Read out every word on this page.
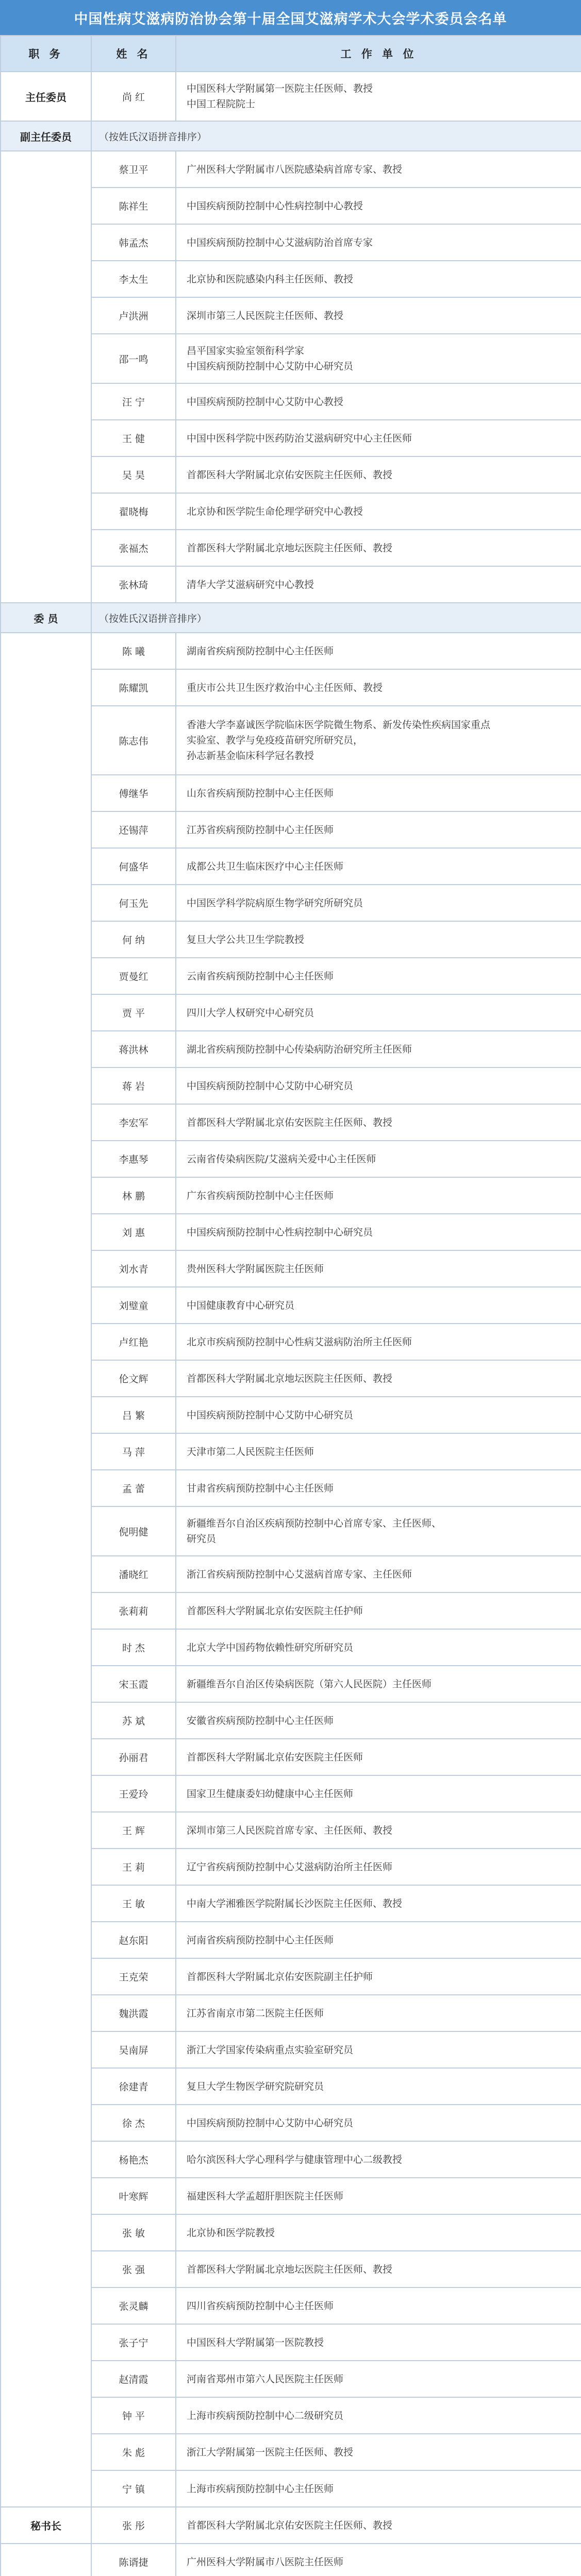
中国性病艾滋病防治协会第十届全国艾滋病学术大会学术委员会名单
职 务	姓 名	工 作 单 位
主任委员	尚 红	中国医科大学附属第一医院主任医师、教授
中国工程院院士

副主任委员	（按姓氏汉语拼音排序）	
	蔡卫平	广州医科大学附属市八医院感染病首席专家、教授

	陈祥生	中国疾病预防控制中心性病控制中心教授

	韩孟杰	中国疾病预防控制中心艾滋病防治首席专家

	李太生	北京协和医院感染内科主任医师、教授

	卢洪洲	深圳市第三人民医院主任医师、教授

	邵一鸣	昌平国家实验室领衔科学家
中国疾病预防控制中心艾防中心研究员

	汪 宁	中国疾病预防控制中心艾防中心教授

	王 健	中国中医科学院中医药防治艾滋病研究中心主任医师

	吴 昊	首都医科大学附属北京佑安医院主任医师、教授

	翟晓梅	北京协和医学院生命伦理学研究中心教授

	张福杰	首都医科大学附属北京地坛医院主任医师、教授

	张林琦	清华大学艾滋病研究中心教授

委 员	（按姓氏汉语拼音排序）	
	陈 曦	湖南省疾病预防控制中心主任医师

	陈耀凯	重庆市公共卫生医疗救治中心主任医师、教授

	陈志伟	香港大学李嘉诚医学院临床医学院微生物系、新发传染性疾病国家重点
实验室、教学与免疫疫苗研究所研究员，
孙志新基金临床科学冠名教授

	傅继华	山东省疾病预防控制中心主任医师

	还锡萍	江苏省疾病预防控制中心主任医师

	何盛华	成都公共卫生临床医疗中心主任医师

	何玉先	中国医学科学院病原生物学研究所研究员

	何 纳	复旦大学公共卫生学院教授

	贾曼红	云南省疾病预防控制中心主任医师

	贾 平	四川大学人权研究中心研究员

	蒋洪林	湖北省疾病预防控制中心传染病防治研究所主任医师

	蒋 岩	中国疾病预防控制中心艾防中心研究员

	李宏军	首都医科大学附属北京佑安医院主任医师、教授

	李惠琴	云南省传染病医院/艾滋病关爱中心主任医师

	林 鹏	广东省疾病预防控制中心主任医师

	刘 惠	中国疾病预防控制中心性病控制中心研究员

	刘水青	贵州医科大学附属医院主任医师

	刘璧童	中国健康教育中心研究员

	卢红艳	北京市疾病预防控制中心性病艾滋病防治所主任医师

	伦文辉	首都医科大学附属北京地坛医院主任医师、教授

	吕 繁	中国疾病预防控制中心艾防中心研究员

	马 萍	天津市第二人民医院主任医师

	孟 蕾	甘肃省疾病预防控制中心主任医师

	倪明健	新疆维吾尔自治区疾病预防控制中心首席专家、主任医师、
研究员

	潘晓红	浙江省疾病预防控制中心艾滋病首席专家、主任医师

	张莉莉	首都医科大学附属北京佑安医院主任护师

	时 杰	北京大学中国药物依赖性研究所研究员

	宋玉霞	新疆维吾尔自治区传染病医院（第六人民医院）主任医师

	苏 斌	安徽省疾病预防控制中心主任医师

	孙丽君	首都医科大学附属北京佑安医院主任医师

	王爱玲	国家卫生健康委妇幼健康中心主任医师

	王 辉	深圳市第三人民医院首席专家、主任医师、教授

	王 莉	辽宁省疾病预防控制中心艾滋病防治所主任医师

	王 敏	中南大学湘雅医学院附属长沙医院主任医师、教授

	赵东阳	河南省疾病预防控制中心主任医师

	王克荣	首都医科大学附属北京佑安医院副主任护师

	魏洪霞	江苏省南京市第二医院主任医师

	吴南屏	浙江大学国家传染病重点实验室研究员

	徐建青	复旦大学生物医学研究院研究员

	徐 杰	中国疾病预防控制中心艾防中心研究员

	杨艳杰	哈尔滨医科大学心理科学与健康管理中心二级教授

	叶寒辉	福建医科大学孟超肝胆医院主任医师

	张 敏	北京协和医学院教授

	张 强	首都医科大学附属北京地坛医院主任医师、教授

	张灵麟	四川省疾病预防控制中心主任医师

	张子宁	中国医科大学附属第一医院教授

	赵清霞	河南省郑州市第六人民医院主任医师

	钟 平	上海市疾病预防控制中心二级研究员

	朱 彪	浙江大学附属第一医院主任医师、教授

	宁 镇	上海市疾病预防控制中心主任医师

秘书长	张 彤	首都医科大学附属北京佑安医院主任医师、教授

	陈谞捷	广州医科大学附属市八医院主任医师
